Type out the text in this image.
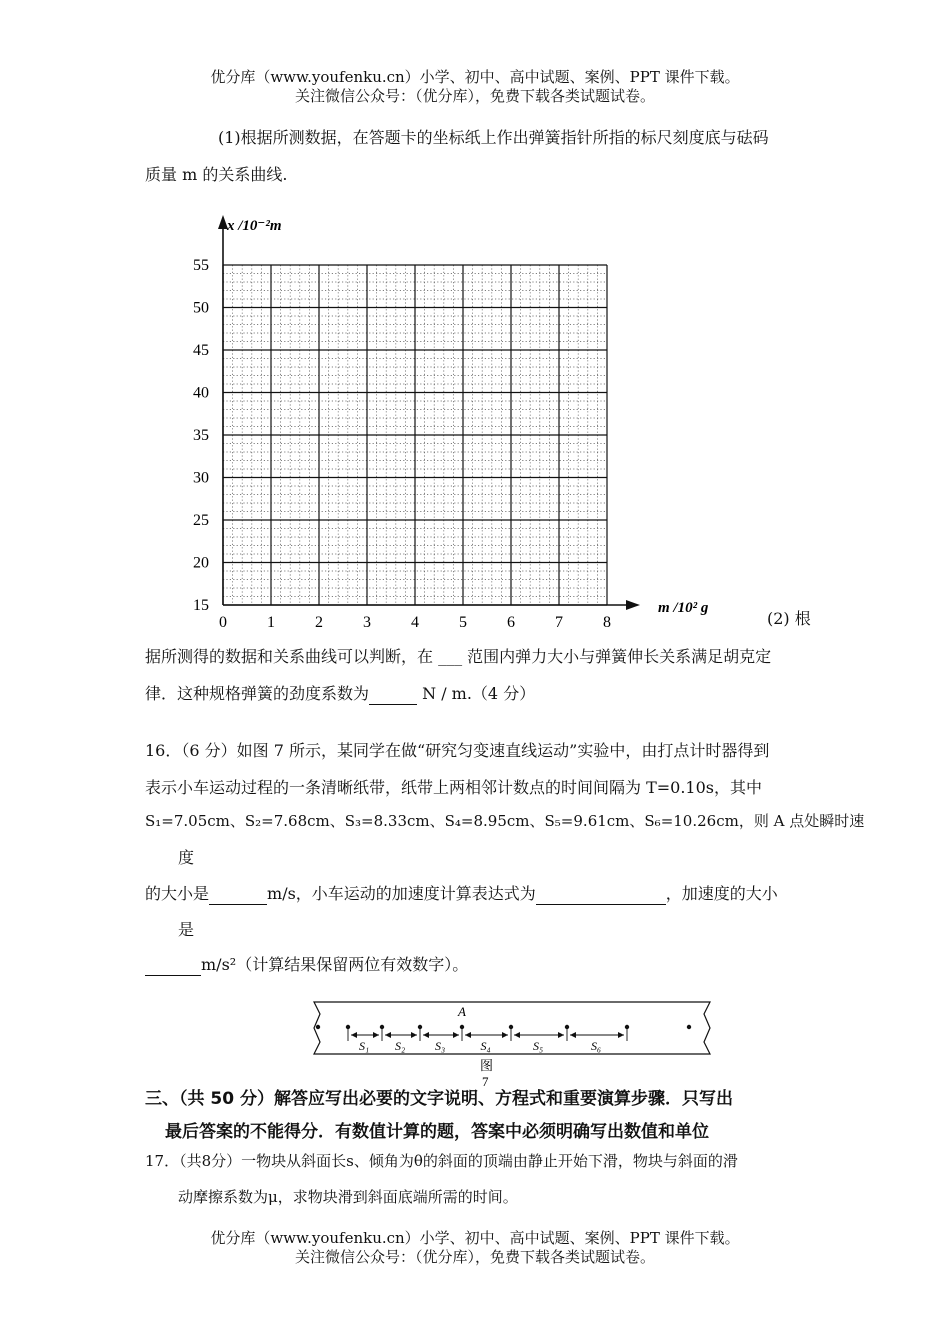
优分库（www.youfenku.cn）小学、初中、高中试题、案例、PPT 课件下载。
关注微信公众号：（优分库），免费下载各类试题试卷。
(1)根据所测数据，在答题卡的坐标纸上作出弹簧指针所指的标尺刻度底与砝码
质量 m 的关系曲线.
0	1	2	3	4	5	6	7	8
15
20
25
30
35
40
45
50
55
x /10⁻²m
m /10² g
(2) 根
据所测得的数据和关系曲线可以判断，在 ___ 范围内弹力大小与弹簧伸长关系满足胡克定
律．这种规格弹簧的劲度系数为	N / m.（4 分）
16．（6 分）如图 7 所示，某同学在做“研究匀变速直线运动”实验中，由打点计时器得到
表示小车运动过程的一条清晰纸带，纸带上两相邻计数点的时间间隔为 T=0.10s，其中
S₁=7.05cm、S₂=7.68cm、S₃=8.33cm、S₄=8.95cm、S₅=9.61cm、S₆=10.26cm，则 A 点处瞬时速
度
的大小是	m/s，小车运动的加速度计算表达式为	，加速度的大小
是
m/s²（计算结果保留两位有效数字）。
A
S₁ S₂ S₃	S₄	S₅	S₆
图
7
三、（共 50 分）解答应写出必要的文字说明、方程式和重要演算步骤．只写出
最后答案的不能得分．有数值计算的题，答案中必须明确写出数值和单位
17．（共8分）一物块从斜面长s、倾角为θ的斜面的顶端由静止开始下滑，物块与斜面的滑
动摩擦系数为μ，求物块滑到斜面底端所需的时间。
优分库（www.youfenku.cn）小学、初中、高中试题、案例、PPT 课件下载。
关注微信公众号：（优分库），免费下载各类试题试卷。
